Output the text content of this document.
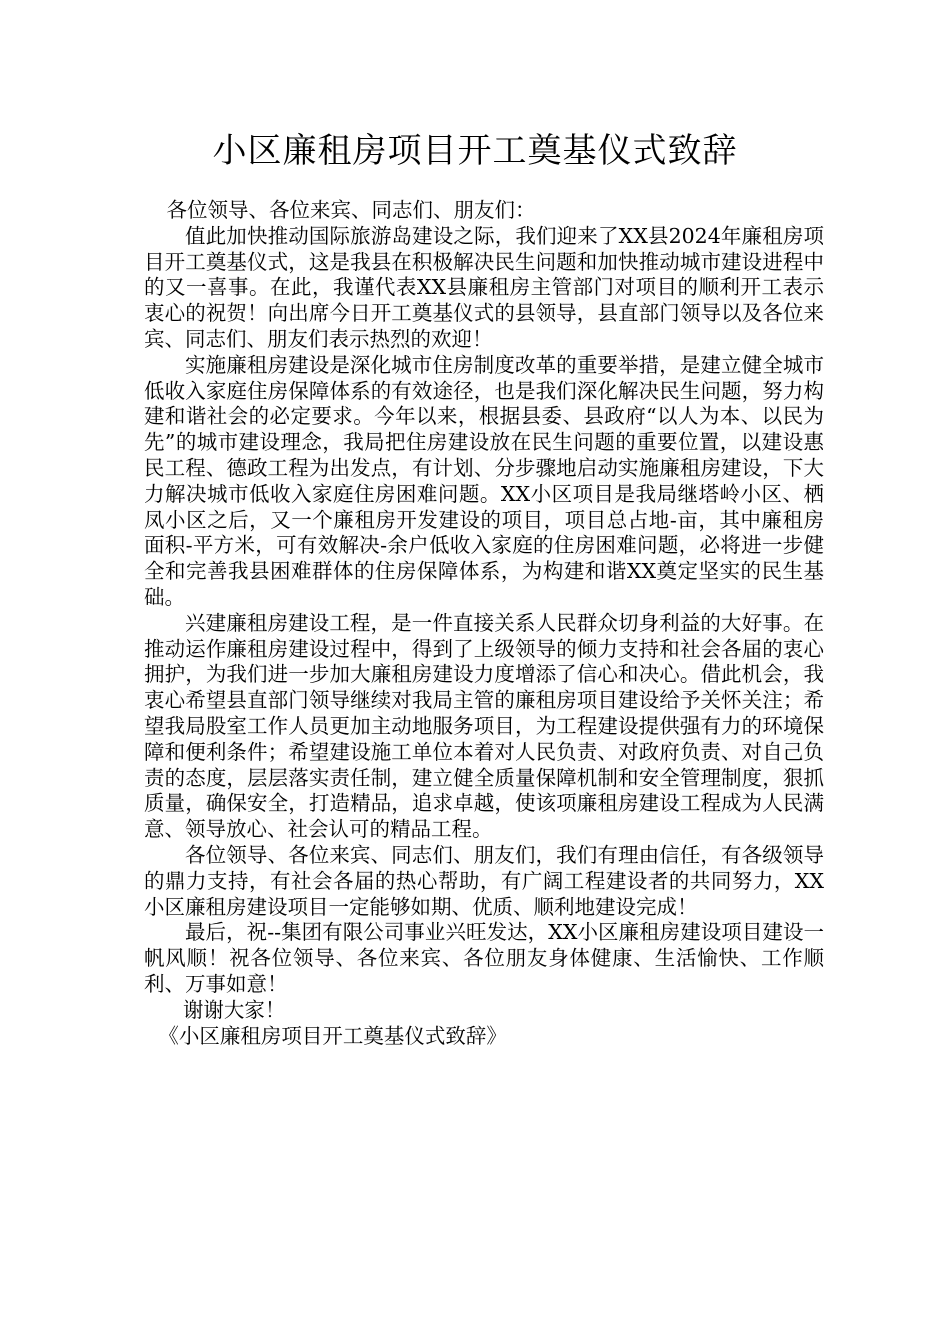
小区廉租房项目开工奠基仪式致辞

各位领导、各位来宾、同志们、朋友们：

值此加快推动国际旅游岛建设之际，我们迎来了XX县2024年廉租房项目开工奠基仪式，这是我县在积极解决民生问题和加快推动城市建设进程中的又一喜事。在此，我谨代表XX县廉租房主管部门对项目的顺利开工表示衷心的祝贺！向出席今日开工奠基仪式的县领导，县直部门领导以及各位来宾、同志们、朋友们表示热烈的欢迎！

实施廉租房建设是深化城市住房制度改革的重要举措，是建立健全城市低收入家庭住房保障体系的有效途径，也是我们深化解决民生问题，努力构建和谐社会的必定要求。今年以来，根据县委、县政府“以人为本、以民为先”的城市建设理念，我局把住房建设放在民生问题的重要位置，以建设惠民工程、德政工程为出发点，有计划、分步骤地启动实施廉租房建设，下大力解决城市低收入家庭住房困难问题。XX小区项目是我局继塔岭小区、栖凤小区之后，又一个廉租房开发建设的项目，项目总占地-亩，其中廉租房面积-平方米，可有效解决-余户低收入家庭的住房困难问题，必将进一步健全和完善我县困难群体的住房保障体系，为构建和谐XX奠定坚实的民生基础。

兴建廉租房建设工程，是一件直接关系人民群众切身利益的大好事。在推动运作廉租房建设过程中，得到了上级领导的倾力支持和社会各届的衷心拥护，为我们进一步加大廉租房建设力度增添了信心和决心。借此机会，我衷心希望县直部门领导继续对我局主管的廉租房项目建设给予关怀关注；希望我局股室工作人员更加主动地服务项目，为工程建设提供强有力的环境保障和便利条件；希望建设施工单位本着对人民负责、对政府负责、对自己负责的态度，层层落实责任制，建立健全质量保障机制和安全管理制度，狠抓质量，确保安全，打造精品，追求卓越，使该项廉租房建设工程成为人民满意、领导放心、社会认可的精品工程。

各位领导、各位来宾、同志们、朋友们，我们有理由信任，有各级领导的鼎力支持，有社会各届的热心帮助，有广阔工程建设者的共同努力，XX小区廉租房建设项目一定能够如期、优质、顺利地建设完成！

最后，祝--集团有限公司事业兴旺发达，XX小区廉租房建设项目建设一帆风顺！祝各位领导、各位来宾、各位朋友身体健康、生活愉快、工作顺利、万事如意！

谢谢大家！

《小区廉租房项目开工奠基仪式致辞》
